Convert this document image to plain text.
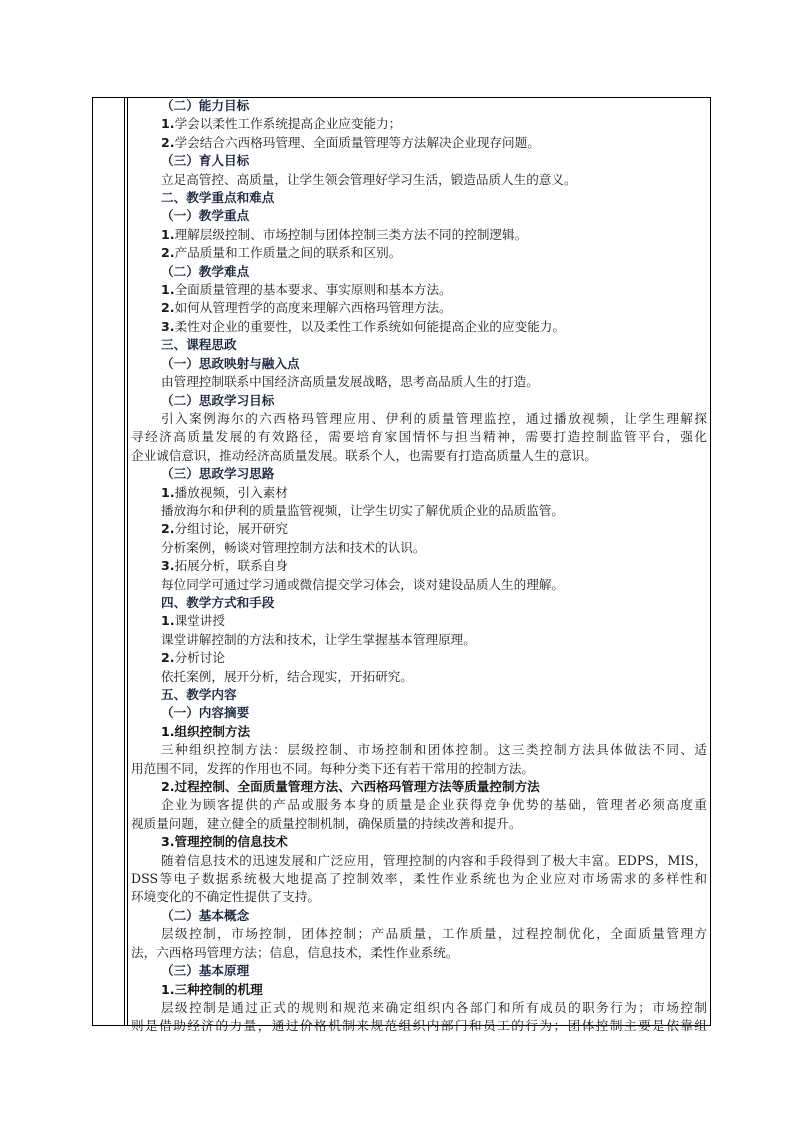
（二）能力目标
1.学会以柔性工作系统提高企业应变能力；
2.学会结合六西格玛管理、全面质量管理等方法解决企业现存问题。
（三）育人目标
立足高管控、高质量，让学生领会管理好学习生活，锻造品质人生的意义。
二、教学重点和难点
（一）教学重点
1.理解层级控制、市场控制与团体控制三类方法不同的控制逻辑。
2.产品质量和工作质量之间的联系和区别。
（二）教学难点
1.全面质量管理的基本要求、事实原则和基本方法。
2.如何从管理哲学的高度来理解六西格玛管理方法。
3.柔性对企业的重要性，以及柔性工作系统如何能提高企业的应变能力。
三、课程思政
（一）思政映射与融入点
由管理控制联系中国经济高质量发展战略，思考高品质人生的打造。
（二）思政学习目标
引入案例海尔的六西格玛管理应用、伊利的质量管理监控，通过播放视频，让学生理解探
寻经济高质量发展的有效路径，需要培育家国情怀与担当精神，需要打造控制监管平台，强化
企业诚信意识，推动经济高质量发展。联系个人，也需要有打造高质量人生的意识。
（三）思政学习思路
1.播放视频，引入素材
播放海尔和伊利的质量监管视频，让学生切实了解优质企业的品质监管。
2.分组讨论，展开研究
分析案例，畅谈对管理控制方法和技术的认识。
3.拓展分析，联系自身
每位同学可通过学习通或微信提交学习体会，谈对建设品质人生的理解。
四、教学方式和手段
1.课堂讲授
课堂讲解控制的方法和技术，让学生掌握基本管理原理。
2.分析讨论
依托案例，展开分析，结合现实，开拓研究。
五、教学内容
（一）内容摘要
1.组织控制方法
三种组织控制方法：层级控制、市场控制和团体控制。这三类控制方法具体做法不同、适
用范围不同，发挥的作用也不同。每种分类下还有若干常用的控制方法。
2.过程控制、全面质量管理方法、六西格玛管理方法等质量控制方法
企业为顾客提供的产品或服务本身的质量是企业获得竞争优势的基础，管理者必须高度重
视质量问题，建立健全的质量控制机制，确保质量的持续改善和提升。
3.管理控制的信息技术
随着信息技术的迅速发展和广泛应用，管理控制的内容和手段得到了极大丰富。EDPS，MIS，
DSS等电子数据系统极大地提高了控制效率，柔性作业系统也为企业应对市场需求的多样性和
环境变化的不确定性提供了支持。
（二）基本概念
层级控制，市场控制，团体控制；产品质量，工作质量，过程控制优化，全面质量管理方
法，六西格玛管理方法；信息，信息技术，柔性作业系统。
（三）基本原理
1.三种控制的机理
层级控制是通过正式的规则和规范来确定组织内各部门和所有成员的职务行为；市场控制
则是借助经济的力量，通过价格机制来规范组织内部门和员工的行为；团体控制主要是依靠组
